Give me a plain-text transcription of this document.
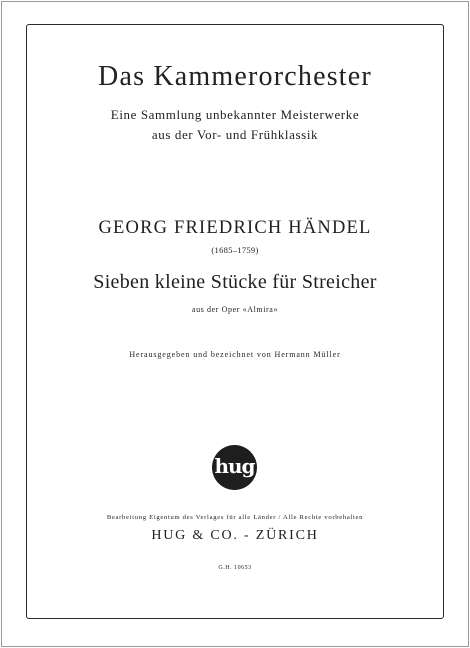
Das Kammerorchester
Eine Sammlung unbekannter Meisterwerke
aus der Vor- und Frühklassik
GEORG FRIEDRICH HÄNDEL
(1685–1759)
Sieben kleine Stücke für Streicher
aus der Oper «Almira»
Herausgegeben und bezeichnet von Hermann Müller
hug
Bearbeitung Eigentum des Verlages für alle Länder / Alle Rechte vorbehalten
HUG & CO. - ZÜRICH
G.H. 10653
